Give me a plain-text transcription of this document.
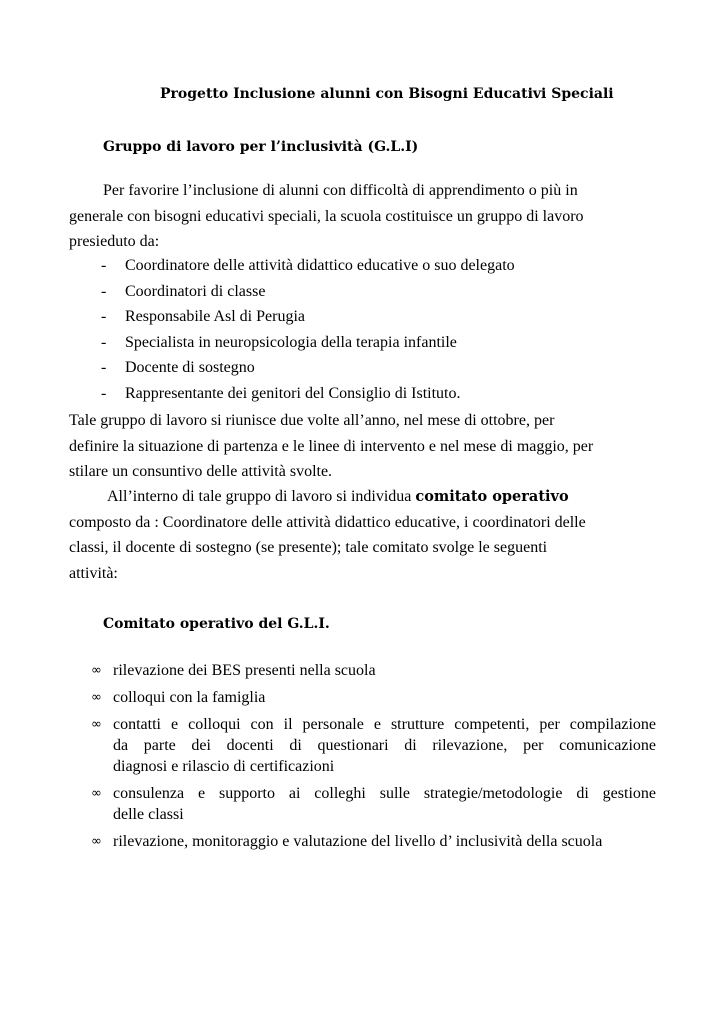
Progetto Inclusione alunni con Bisogni Educativi Speciali
Gruppo di lavoro per l’inclusività (G.L.I)
Per favorire l’inclusione di alunni con difficoltà di apprendimento o più in
generale con bisogni educativi speciali, la scuola costituisce un gruppo di lavoro
presieduto da:
- Coordinatore delle attività didattico educative o suo delegato
- Coordinatori di classe
- Responsabile Asl di Perugia
- Specialista in neuropsicologia della terapia infantile
- Docente di sostegno
- Rappresentante dei genitori del Consiglio di Istituto.
Tale gruppo di lavoro si riunisce due volte all’anno, nel mese di ottobre, per
definire la situazione di partenza e le linee di intervento e nel mese di maggio, per
stilare un consuntivo delle attività svolte.
All’interno di tale gruppo di lavoro si individua comitato operativo
composto da : Coordinatore delle attività didattico educative, i coordinatori delle
classi, il docente di sostegno (se presente); tale comitato svolge le seguenti
attività:
Comitato operativo del G.L.I.
∞ rilevazione dei BES presenti nella scuola
∞ colloqui con la famiglia
∞ contatti e colloqui con il personale e strutture competenti, per compilazione
da parte dei docenti di questionari di rilevazione, per comunicazione
diagnosi e rilascio di certificazioni
∞ consulenza e supporto ai colleghi sulle strategie/metodologie di gestione
delle classi
∞ rilevazione, monitoraggio e valutazione del livello d’ inclusività della scuola
